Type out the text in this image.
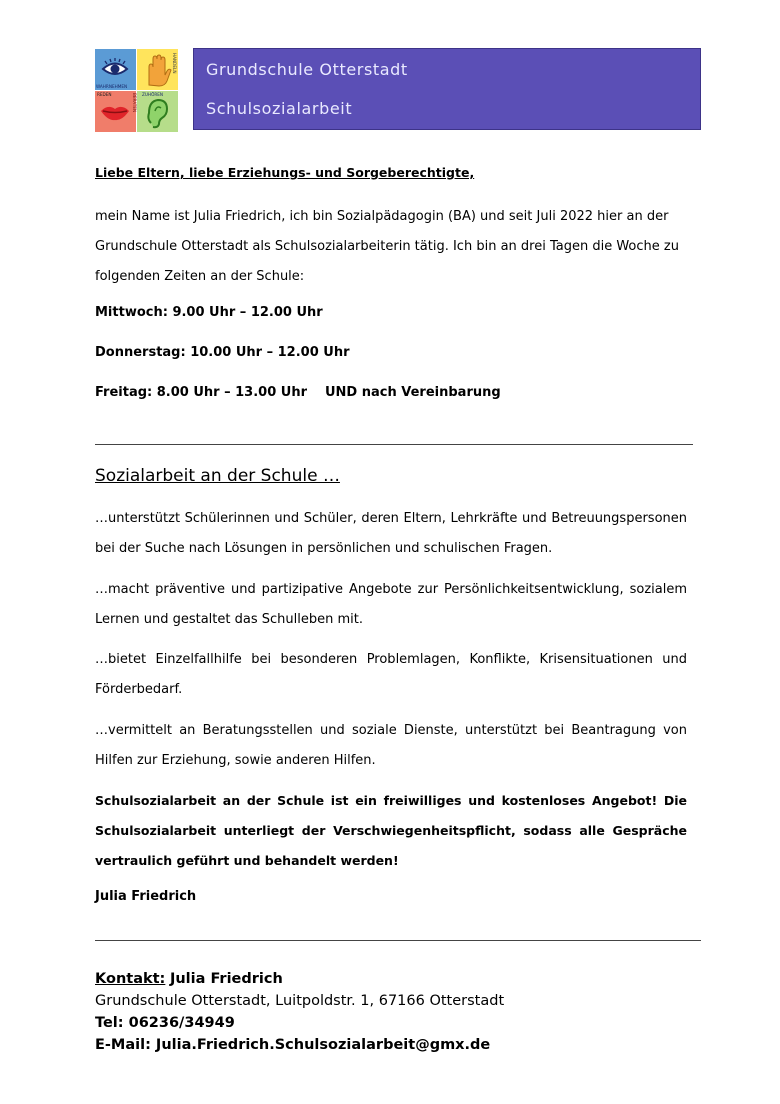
WAHRNEHMEN
HANDELN
REDEN	BERATEN ZUHÖREN
Grundschule Otterstadt
Schulsozialarbeit
Liebe Eltern, liebe Erziehungs- und Sorgeberechtigte,
mein Name ist Julia Friedrich, ich bin Sozialpädagogin (BA) und seit Juli 2022 hier an der Grundschule Otterstadt als Schulsozialarbeiterin tätig. Ich bin an drei Tagen die Woche zu folgenden Zeiten an der Schule:
Mittwoch: 9.00 Uhr – 12.00 Uhr
Donnerstag: 10.00 Uhr – 12.00 Uhr
Freitag: 8.00 Uhr – 13.00 Uhr UND nach Vereinbarung
Sozialarbeit an der Schule …
…unterstützt Schülerinnen und Schüler, deren Eltern, Lehrkräfte und Betreuungspersonen bei der Suche nach Lösungen in persönlichen und schulischen Fragen.
…macht präventive und partizipative Angebote zur Persönlichkeitsentwicklung, sozialem Lernen und gestaltet das Schulleben mit.
…bietet Einzelfallhilfe bei besonderen Problemlagen, Konflikte, Krisensituationen und Förderbedarf.
…vermittelt an Beratungsstellen und soziale Dienste, unterstützt bei Beantragung von Hilfen zur Erziehung, sowie anderen Hilfen.
Schulsozialarbeit an der Schule ist ein freiwilliges und kostenloses Angebot! Die Schulsozialarbeit unterliegt der Verschwiegenheitspflicht, sodass alle Gespräche vertraulich geführt und behandelt werden!
Julia Friedrich
Kontakt: Julia Friedrich
Grundschule Otterstadt, Luitpoldstr. 1, 67166 Otterstadt
Tel: 06236/34949
E-Mail: Julia.Friedrich.Schulsozialarbeit@gmx.de
